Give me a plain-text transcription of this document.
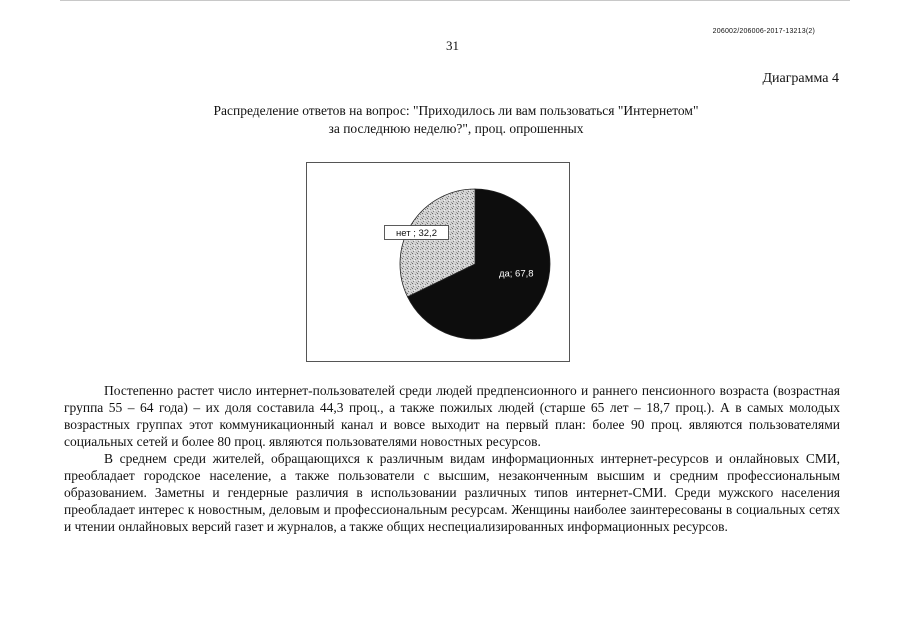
206002/206006-2017-13213(2)
31
Диаграмма 4
Распределение ответов на вопрос: "Приходилось ли вам пользоваться "Интернетом"
за последнюю неделю?", проц. опрошенных
да; 67,8
нет ; 32,2

Постепенно растет число интернет-пользователей среди людей предпенсионного и раннего пенсионного возраста (возрастная группа 55 – 64 года) – их доля составила 44,3 проц., а также пожилых людей (старше 65 лет – 18,7 проц.). А в самых молодых возрастных группах этот коммуникационный канал и вовсе выходит на первый план: более 90 проц. являются пользователями социальных сетей и более 80 проц. являются пользователями новостных ресурсов.

В среднем среди жителей, обращающихся к различным видам информационных интернет-ресурсов и онлайновых СМИ, преобладает городское население, а также пользователи с высшим, незаконченным высшим и средним профессиональным образованием. Заметны и гендерные различия в использовании различных типов интернет-СМИ. Среди мужского населения преобладает интерес к новостным, деловым и профессиональным ресурсам. Женщины наиболее заинтересованы в социальных сетях и чтении онлайновых версий газет и журналов, а также общих неспециализированных информационных ресурсов.
